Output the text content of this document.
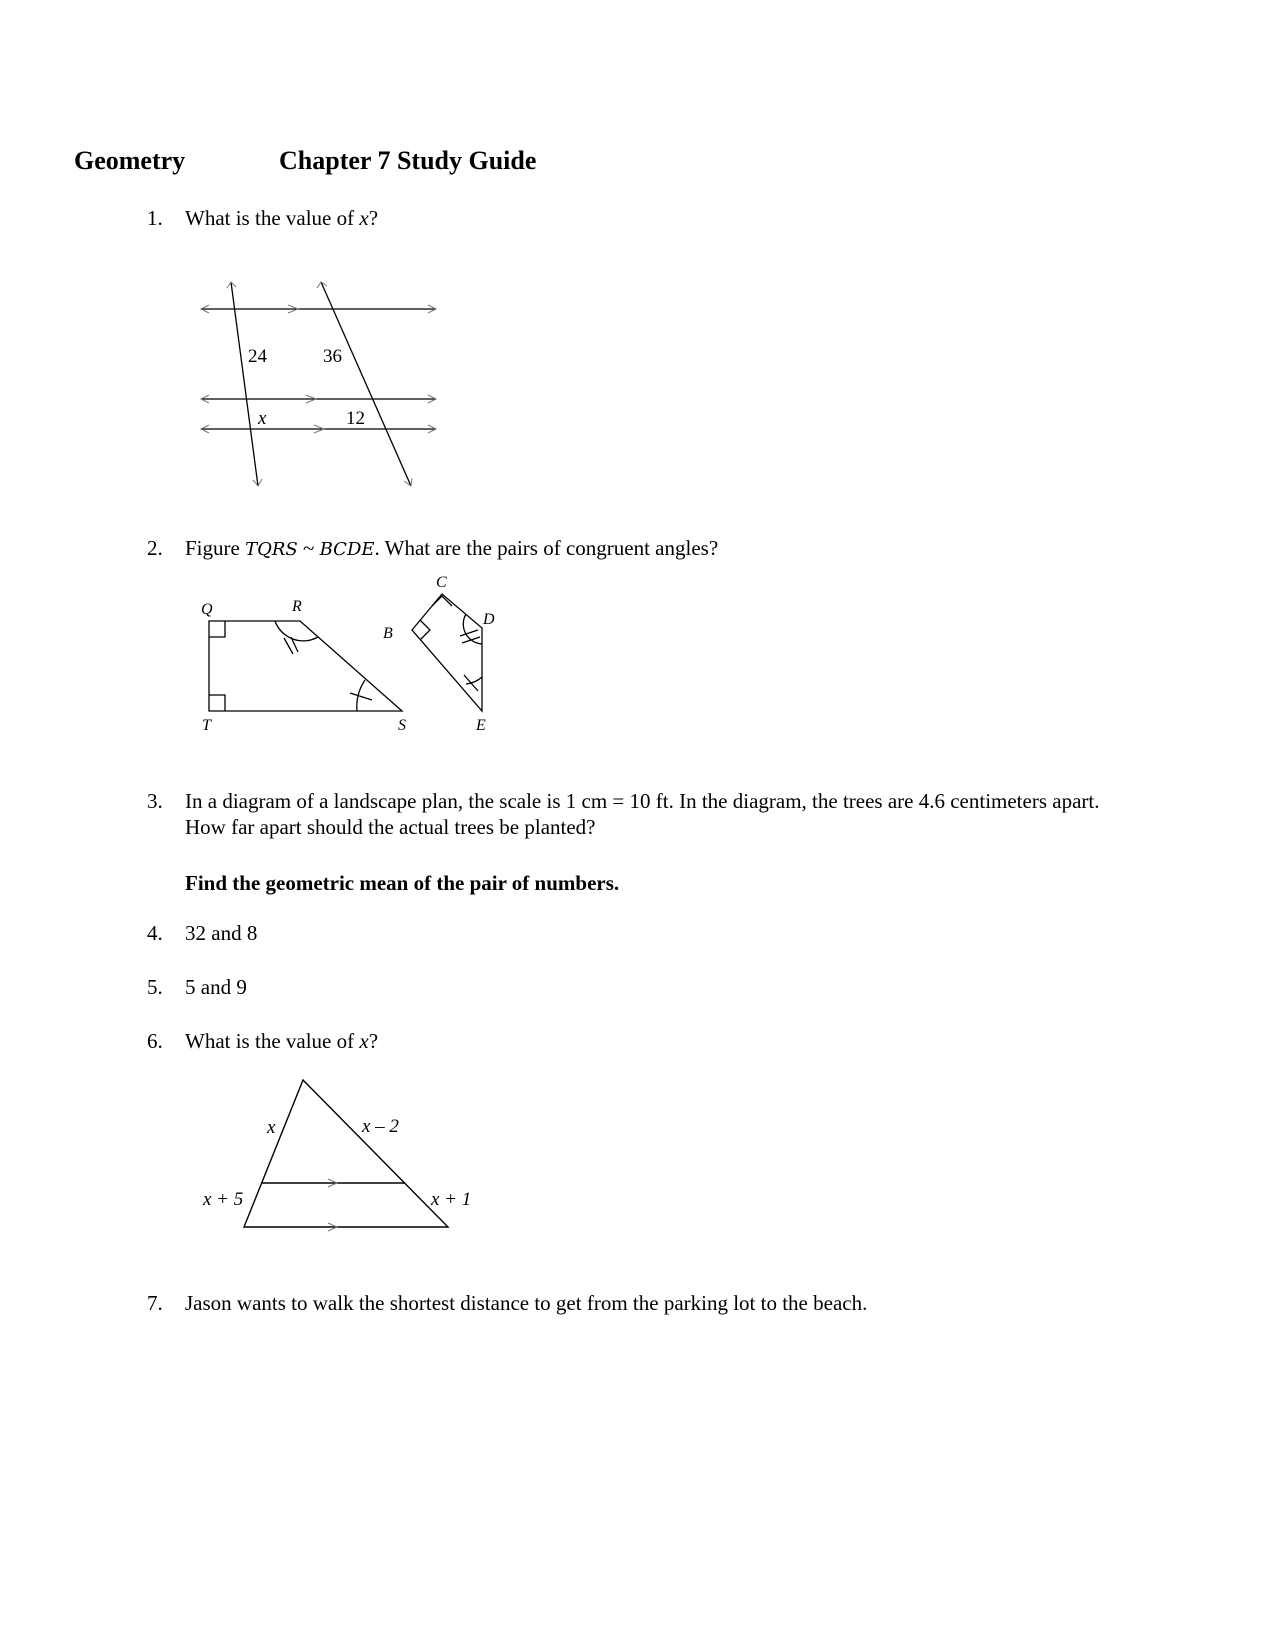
Geometry	Chapter 7 Study Guide
1. What is the value of x?
24	36
x	12
2. Figure TQRS ~ BCDE. What are the pairs of congruent angles?
Q	R
T	S
C
B
D
E
3. In a diagram of a landscape plan, the scale is 1 cm = 10 ft. In the diagram, the trees are 4.6 centimeters apart.
How far apart should the actual trees be planted?
Find the geometric mean of the pair of numbers.
4. 32 and 8
5. 5 and 9
6. What is the value of x?
x	x – 2
x + 5	x + 1
7. Jason wants to walk the shortest distance to get from the parking lot to the beach.
